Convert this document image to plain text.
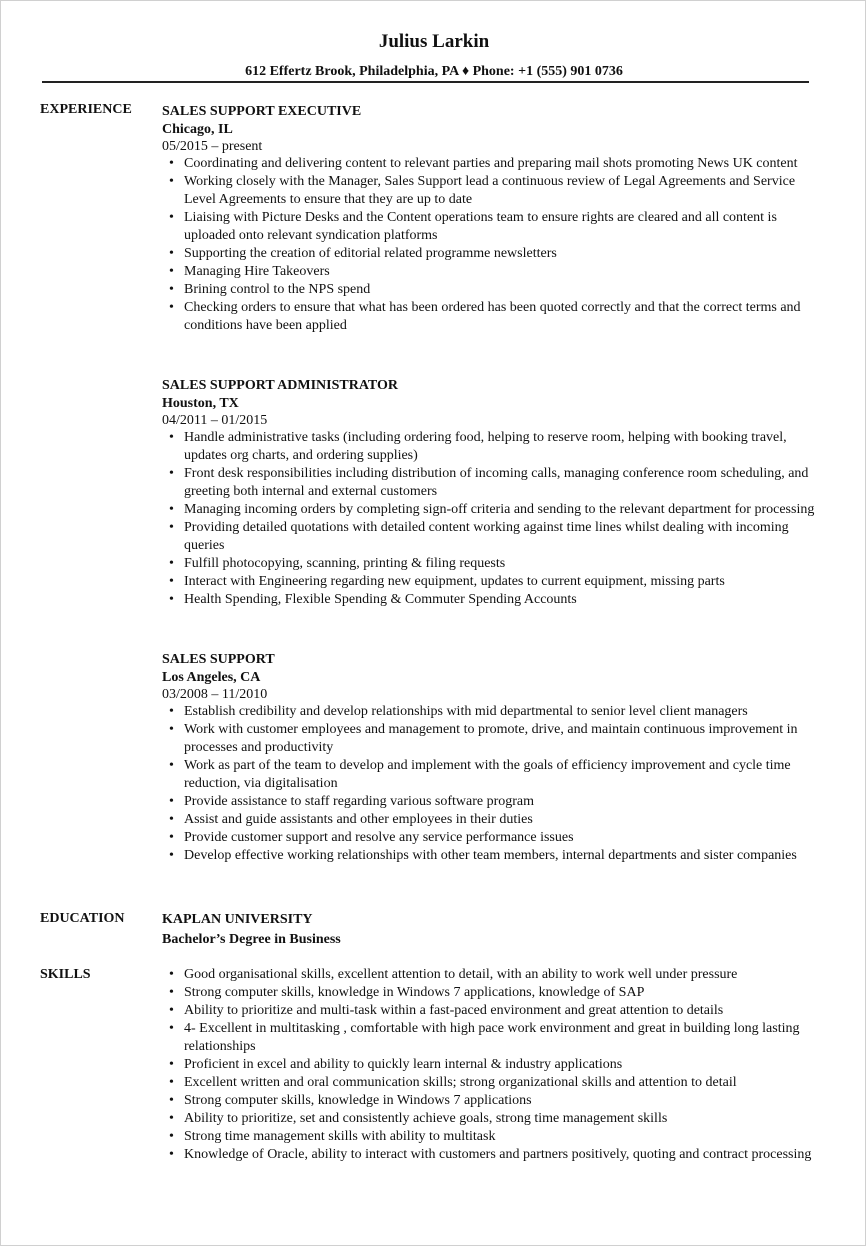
Julius Larkin
612 Effertz Brook, Philadelphia, PA ♦ Phone: +1 (555) 901 0736
EXPERIENCE SALES SUPPORT EXECUTIVE
Chicago, IL
05/2015 – present
• Coordinating and delivering content to relevant parties and preparing mail shots promoting News UK content
• Working closely with the Manager, Sales Support lead a continuous review of Legal Agreements and Service Level Agreements to ensure that they are up to date
• Liaising with Picture Desks and the Content operations team to ensure rights are cleared and all content is uploaded onto relevant syndication platforms
• Supporting the creation of editorial related programme newsletters
• Managing Hire Takeovers
• Brining control to the NPS spend
• Checking orders to ensure that what has been ordered has been quoted correctly and that the correct terms and conditions have been applied
SALES SUPPORT ADMINISTRATOR
Houston, TX
04/2011 – 01/2015
• Handle administrative tasks (including ordering food, helping to reserve room, helping with booking travel, updates org charts, and ordering supplies)
• Front desk responsibilities including distribution of incoming calls, managing conference room scheduling, and greeting both internal and external customers
• Managing incoming orders by completing sign-off criteria and sending to the relevant department for processing
• Providing detailed quotations with detailed content working against time lines whilst dealing with incoming queries
• Fulfill photocopying, scanning, printing & filing requests
• Interact with Engineering regarding new equipment, updates to current equipment, missing parts
• Health Spending, Flexible Spending & Commuter Spending Accounts
SALES SUPPORT
Los Angeles, CA
03/2008 – 11/2010
• Establish credibility and develop relationships with mid departmental to senior level client managers
• Work with customer employees and management to promote, drive, and maintain continuous improvement in processes and productivity
• Work as part of the team to develop and implement with the goals of efficiency improvement and cycle time reduction, via digitalisation
• Provide assistance to staff regarding various software program
• Assist and guide assistants and other employees in their duties
• Provide customer support and resolve any service performance issues
• Develop effective working relationships with other team members, internal departments and sister companies
EDUCATION	KAPLAN UNIVERSITY
Bachelor’s Degree in Business
SKILLS
•	Good organisational skills, excellent attention to detail, with an ability to work well under pressure
• Strong computer skills, knowledge in Windows 7 applications, knowledge of SAP
• Ability to prioritize and multi-task within a fast-paced environment and great attention to details
• 4- Excellent in multitasking , comfortable with high pace work environment and great in building long lasting relationships
• Proficient in excel and ability to quickly learn internal & industry applications
• Excellent written and oral communication skills; strong organizational skills and attention to detail
• Strong computer skills, knowledge in Windows 7 applications
• Ability to prioritize, set and consistently achieve goals, strong time management skills
• Strong time management skills with ability to multitask
• Knowledge of Oracle, ability to interact with customers and partners positively, quoting and contract processing
